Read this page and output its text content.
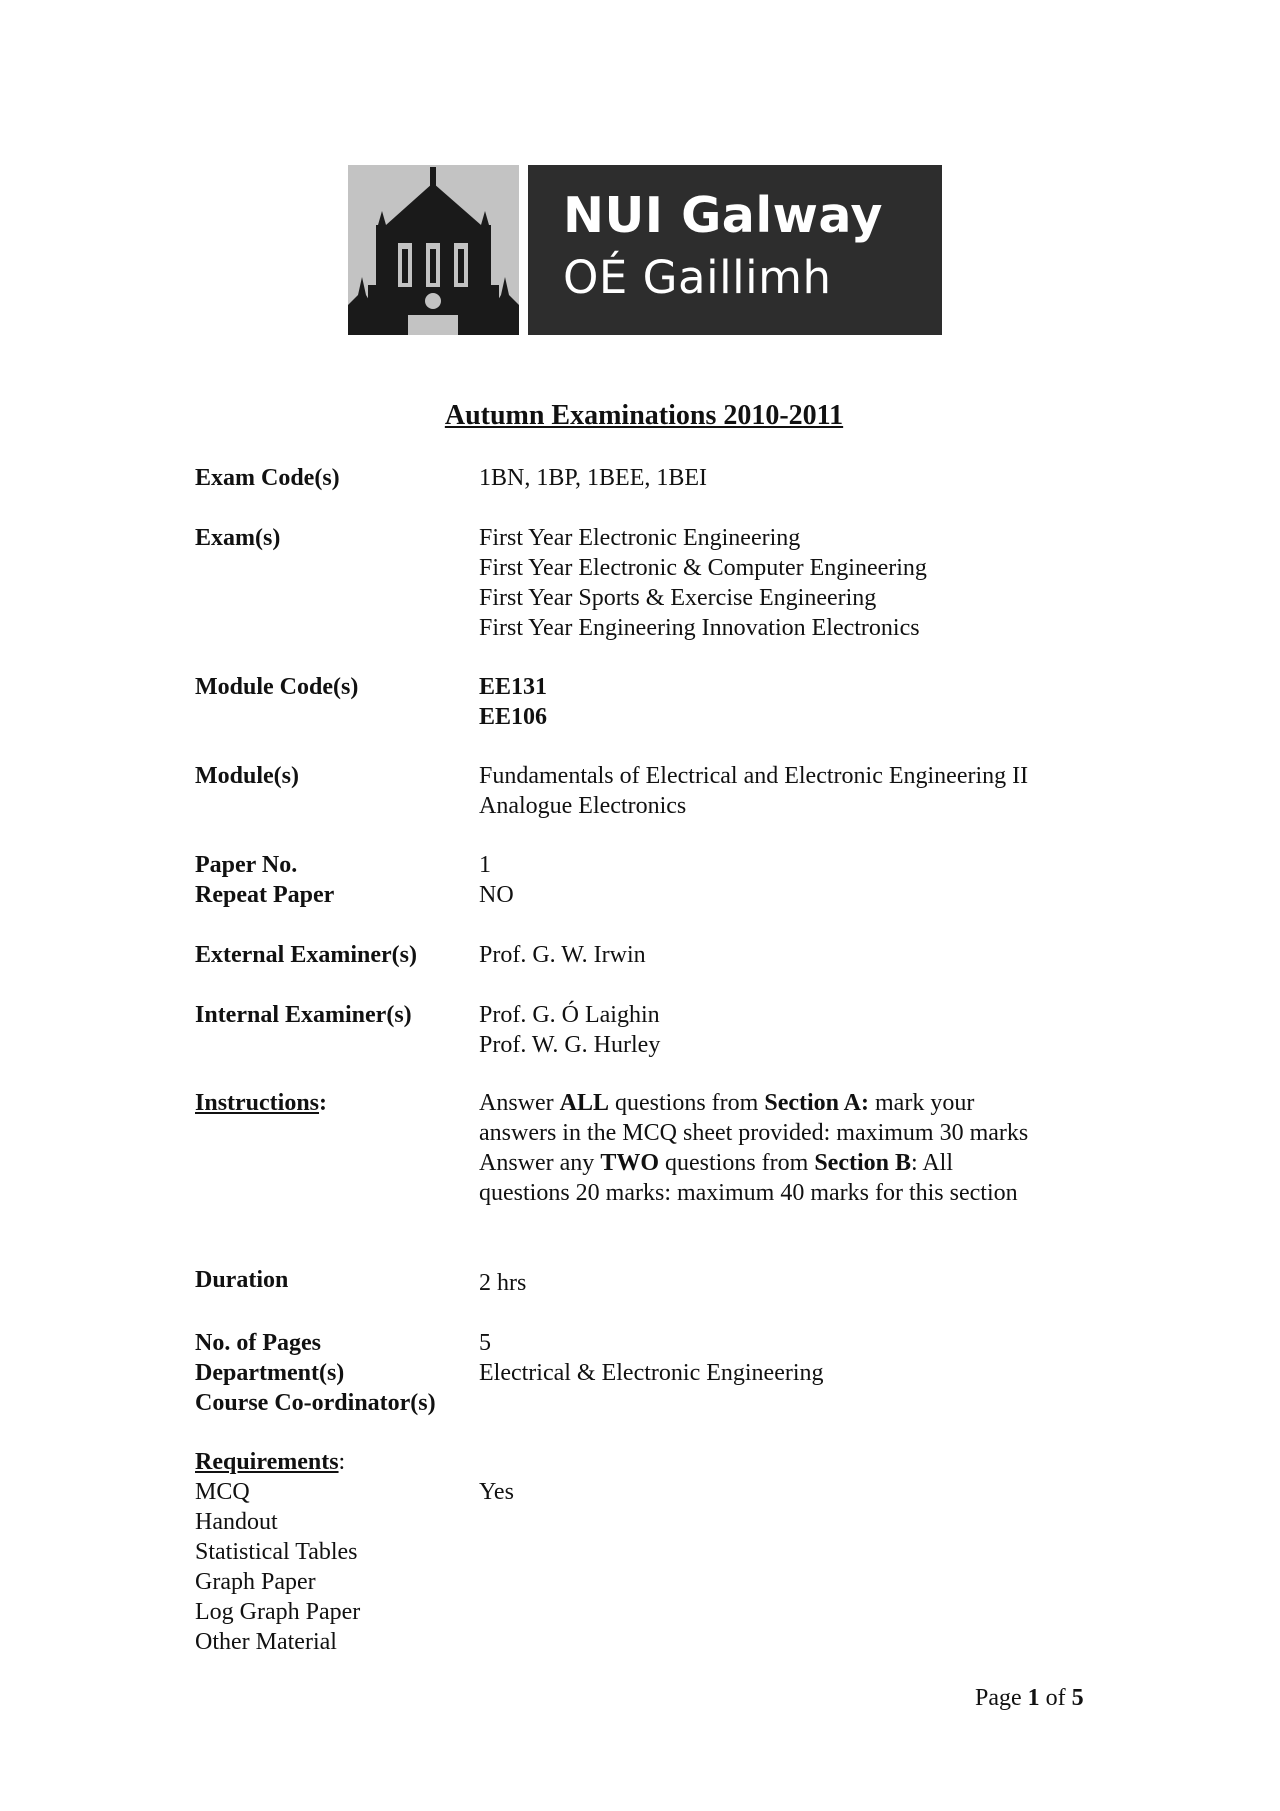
NUI Galway
OÉ Gaillimh
Autumn Examinations 2010-2011
Exam Code(s)	1BN, 1BP, 1BEE, 1BEI
Exam(s)	First Year Electronic Engineering
First Year Electronic & Computer Engineering
First Year Sports & Exercise Engineering
First Year Engineering Innovation Electronics
Module Code(s)	EE131
EE106
Module(s)	Fundamentals of Electrical and Electronic Engineering II
Analogue Electronics
Paper No.	1
Repeat Paper	NO
External Examiner(s)	Prof. G. W. Irwin
Internal Examiner(s)	Prof. G. Ó Laighin
Prof. W. G. Hurley
Instructions:	Answer ALL questions from Section A: mark your
answers in the MCQ sheet provided: maximum 30 marks
Answer any TWO questions from Section B: All
questions 20 marks: maximum 40 marks for this section
Duration	2 hrs
No. of Pages	5
Department(s)	Electrical & Electronic Engineering
Course Co-ordinator(s)
Requirements:
MCQ	Yes
Handout
Statistical Tables
Graph Paper
Log Graph Paper
Other Material
Page 1 of 5
